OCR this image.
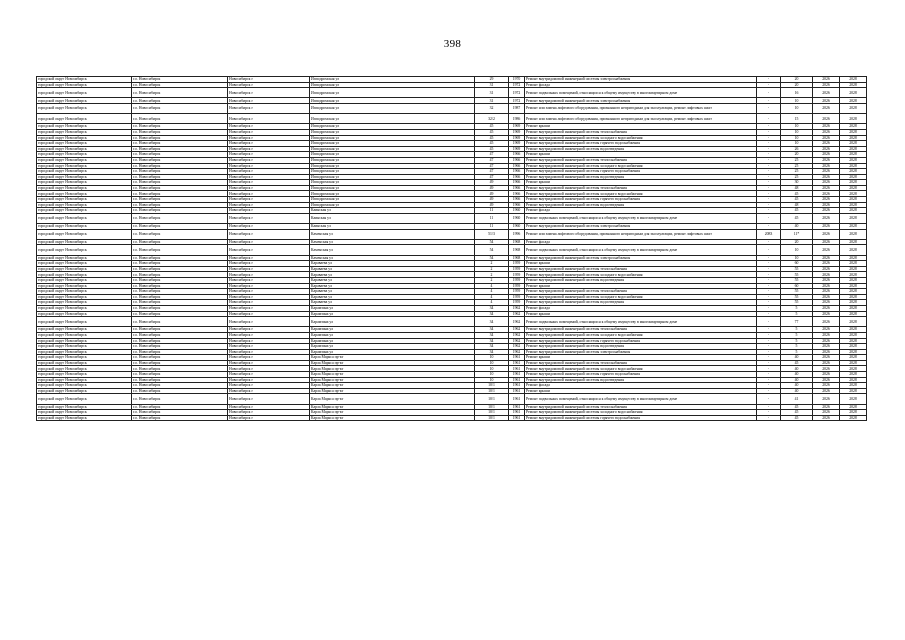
398
городской округ Новосибирск	г.о. Новосибирск	Новосибирск г	Ипподромская ул	29	1970	Ремонт внутридомовой инженерной системы электроснабжения	-	20	2026	2028
городской округ Новосибирск	г.о. Новосибирск	Новосибирск г	Ипподромская ул	31	1972	Ремонт фасада	-	20	2026	2028
городской округ Новосибирск	г.о. Новосибирск	Новосибирск г	Ипподромская ул	31	1972	Ремонт подвальных помещений, относящихся к общему имуществу в многоквартирном доме	-	16	2026	2028
городской округ Новосибирск	г.о. Новосибирск	Новосибирск г	Ипподромская ул	31	1972	Ремонт внутридомовой инженерной системы электроснабжения	-	10	2026	2028
городской округ Новосибирск	г.о. Новосибирск	Новосибирск г	Ипподромская ул	32	1987	Ремонт или замена лифтового оборудования, признанного непригодным для эксплуатации, ремонт лифтовых шахт	-	10	2026	2028
городской округ Новосибирск	г.о. Новосибирск	Новосибирск г	Ипподромская ул	32/2	1986	Ремонт или замена лифтового оборудования, признанного непригодным для эксплуатации, ремонт лифтовых шахт	-	15	2026	2028
городской округ Новосибирск	г.о. Новосибирск	Новосибирск г	Ипподромская ул	45	1969	Ремонт крыши	-	10	2026	2028
городской округ Новосибирск	г.о. Новосибирск	Новосибирск г	Ипподромская ул	45	1969	Ремонт внутридомовой инженерной системы теплоснабжения	-	10	2026	2028
городской округ Новосибирск	г.о. Новосибирск	Новосибирск г	Ипподромская ул	45	1969	Ремонт внутридомовой инженерной системы холодного водоснабжения	-	10	2026	2028
городской округ Новосибирск	г.о. Новосибирск	Новосибирск г	Ипподромская ул	45	1969	Ремонт внутридомовой инженерной системы горячего водоснабжения	-	10	2026	2028
городской округ Новосибирск	г.о. Новосибирск	Новосибирск г	Ипподромская ул	45	1969	Ремонт внутридомовой инженерной системы водоотведения	-	26	2026	2028
городской округ Новосибирск	г.о. Новосибирск	Новосибирск г	Ипподромская ул	47	1966	Ремонт крыши	-	20	2026	2028
городской округ Новосибирск	г.о. Новосибирск	Новосибирск г	Ипподромская ул	47	1966	Ремонт внутридомовой инженерной системы теплоснабжения	-	25	2026	2028
городской округ Новосибирск	г.о. Новосибирск	Новосибирск г	Ипподромская ул	47	1966	Ремонт внутридомовой инженерной системы холодного водоснабжения	-	25	2026	2028
городской округ Новосибирск	г.о. Новосибирск	Новосибирск г	Ипподромская ул	47	1966	Ремонт внутридомовой инженерной системы горячего водоснабжения	-	25	2026	2028
городской округ Новосибирск	г.о. Новосибирск	Новосибирск г	Ипподромская ул	47	1966	Ремонт внутридомовой инженерной системы водоотведения	-	25	2026	2028
городской округ Новосибирск	г.о. Новосибирск	Новосибирск г	Ипподромская ул	49	1966	Ремонт крыши	-	30	2026	2028
городской округ Новосибирск	г.о. Новосибирск	Новосибирск г	Ипподромская ул	49	1966	Ремонт внутридомовой инженерной системы теплоснабжения	-	48	2026	2028
городской округ Новосибирск	г.о. Новосибирск	Новосибирск г	Ипподромская ул	49	1966	Ремонт внутридомовой инженерной системы холодного водоснабжения	-	45	2026	2028
городской округ Новосибирск	г.о. Новосибирск	Новосибирск г	Ипподромская ул	49	1966	Ремонт внутридомовой инженерной системы горячего водоснабжения	-	45	2026	2028
городской округ Новосибирск	г.о. Новосибирск	Новосибирск г	Ипподромская ул	49	1966	Ремонт внутридомовой инженерной системы водоотведения	-	48	2026	2028
городской округ Новосибирск	г.о. Новосибирск	Новосибирск г	Каинская ул	11	1960	Ремонт фасада	-	45	2026	2028
городской округ Новосибирск	г.о. Новосибирск	Новосибирск г	Каинская ул	11	1960	Ремонт подвальных помещений, относящихся к общему имуществу в многоквартирном доме	-	45	2026	2028
городской округ Новосибирск	г.о. Новосибирск	Новосибирск г	Каинская ул	11	1960	Ремонт внутридомовой инженерной системы электроснабжения	-	40	2026	2028
городской округ Новосибирск	г.о. Новосибирск	Новосибирск г	Каменская ул	51/3	1996	Ремонт или замена лифтового оборудования, признанного непригодным для эксплуатации, ремонт лифтовых шахт	2083	11*	2026	2028
городской округ Новосибирск	г.о. Новосибирск	Новосибирск г	Каменская ул	54	1968	Ремонт фасада	-	20	2026	2028
городской округ Новосибирск	г.о. Новосибирск	Новосибирск г	Каменская ул	54	1968	Ремонт подвальных помещений, относящихся к общему имуществу в многоквартирном доме	-	10	2026	2028
городской округ Новосибирск	г.о. Новосибирск	Новосибирск г	Каменская ул	54	1968	Ремонт внутридомовой инженерной системы электроснабжения	-	10	2026	2028
городской округ Новосибирск	г.о. Новосибирск	Новосибирск г	Караваева ул	2	1959	Ремонт крыши	-	60	2026	2028
городской округ Новосибирск	г.о. Новосибирск	Новосибирск г	Караваева ул	2	1959	Ремонт внутридомовой инженерной системы теплоснабжения	-	55	2026	2028
городской округ Новосибирск	г.о. Новосибирск	Новосибирск г	Караваева ул	2	1959	Ремонт внутридомовой инженерной системы холодного водоснабжения	-	55	2026	2028
городской округ Новосибирск	г.о. Новосибирск	Новосибирск г	Караваева ул	2	1959	Ремонт внутридомовой инженерной системы водоотведения	-	55	2026	2028
городской округ Новосибирск	г.о. Новосибирск	Новосибирск г	Караваева ул	4	1959	Ремонт крыши	-	60	2026	2028
городской округ Новосибирск	г.о. Новосибирск	Новосибирск г	Караваева ул	4	1959	Ремонт внутридомовой инженерной системы теплоснабжения	-	55	2026	2028
городской округ Новосибирск	г.о. Новосибирск	Новосибирск г	Караваева ул	4	1959	Ремонт внутридомовой инженерной системы холодного водоснабжения	-	55	2026	2028
городской округ Новосибирск	г.о. Новосибирск	Новосибирск г	Караваева ул	4	1959	Ремонт внутридомовой инженерной системы водоотведения	-	55	2026	2028
городской округ Новосибирск	г.о. Новосибирск	Новосибирск г	Карамзина ул	34	1962	Ремонт фасада	-	5	2026	2028
городской округ Новосибирск	г.о. Новосибирск	Новосибирск г	Карамзина ул	34	1962	Ремонт крыши	-	5	2026	2028
городской округ Новосибирск	г.о. Новосибирск	Новосибирск г	Карамзина ул	34	1962	Ремонт подвальных помещений, относящихся к общему имуществу в многоквартирном доме	-	77	2026	2028
городской округ Новосибирск	г.о. Новосибирск	Новосибирск г	Карамзина ул	34	1962	Ремонт внутридомовой инженерной системы теплоснабжения	-	5	2026	2028
городской округ Новосибирск	г.о. Новосибирск	Новосибирск г	Карамзина ул	34	1962	Ремонт внутридомовой инженерной системы холодного водоснабжения	-	5	2026	2028
городской округ Новосибирск	г.о. Новосибирск	Новосибирск г	Карамзина ул	34	1962	Ремонт внутридомовой инженерной системы горячего водоснабжения	-	5	2026	2028
городской округ Новосибирск	г.о. Новосибирск	Новосибирск г	Карамзина ул	34	1962	Ремонт внутридомовой инженерной системы водоотведения	-	5	2026	2028
городской округ Новосибирск	г.о. Новосибирск	Новосибирск г	Карамзина ул	34	1962	Ремонт внутридомовой инженерной системы электроснабжения	-	5	2026	2028
городской округ Новосибирск	г.о. Новосибирск	Новосибирск г	Карла Маркса пр-кт	10	1961	Ремонт крыши	-	40	2026	2028
городской округ Новосибирск	г.о. Новосибирск	Новосибирск г	Карла Маркса пр-кт	10	1961	Ремонт внутридомовой инженерной системы теплоснабжения	-	45	2026	2028
городской округ Новосибирск	г.о. Новосибирск	Новосибирск г	Карла Маркса пр-кт	10	1961	Ремонт внутридомовой инженерной системы холодного водоснабжения	-	40	2026	2028
городской округ Новосибирск	г.о. Новосибирск	Новосибирск г	Карла Маркса пр-кт	10	1961	Ремонт внутридомовой инженерной системы горячего водоснабжения	-	40	2026	2028
городской округ Новосибирск	г.о. Новосибирск	Новосибирск г	Карла Маркса пр-кт	10	1961	Ремонт внутридомовой инженерной системы водоотведения	-	40	2026	2028
городской округ Новосибирск	г.о. Новосибирск	Новосибирск г	Карла Маркса пр-кт	10/1	1961	Ремонт фасада	-	40	2026	2028
городской округ Новосибирск	г.о. Новосибирск	Новосибирск г	Карла Маркса пр-кт	10/1	1961	Ремонт крыши	-	40	2026	2028
городской округ Новосибирск	г.о. Новосибирск	Новосибирск г	Карла Маркса пр-кт	10/1	1961	Ремонт подвальных помещений, относящихся к общему имуществу в многоквартирном доме	-	41	2026	2028
городской округ Новосибирск	г.о. Новосибирск	Новосибирск г	Карла Маркса пр-кт	10/1	1961	Ремонт внутридомовой инженерной системы теплоснабжения	-	45	2026	2028
городской округ Новосибирск	г.о. Новосибирск	Новосибирск г	Карла Маркса пр-кт	10/1	1961	Ремонт внутридомовой инженерной системы холодного водоснабжения	-	45	2026	2028
городской округ Новосибирск	г.о. Новосибирск	Новосибирск г	Карла Маркса пр-кт	10/1	1961	Ремонт внутридомовой инженерной системы горячего водоснабжения	-	45	2026	2028
